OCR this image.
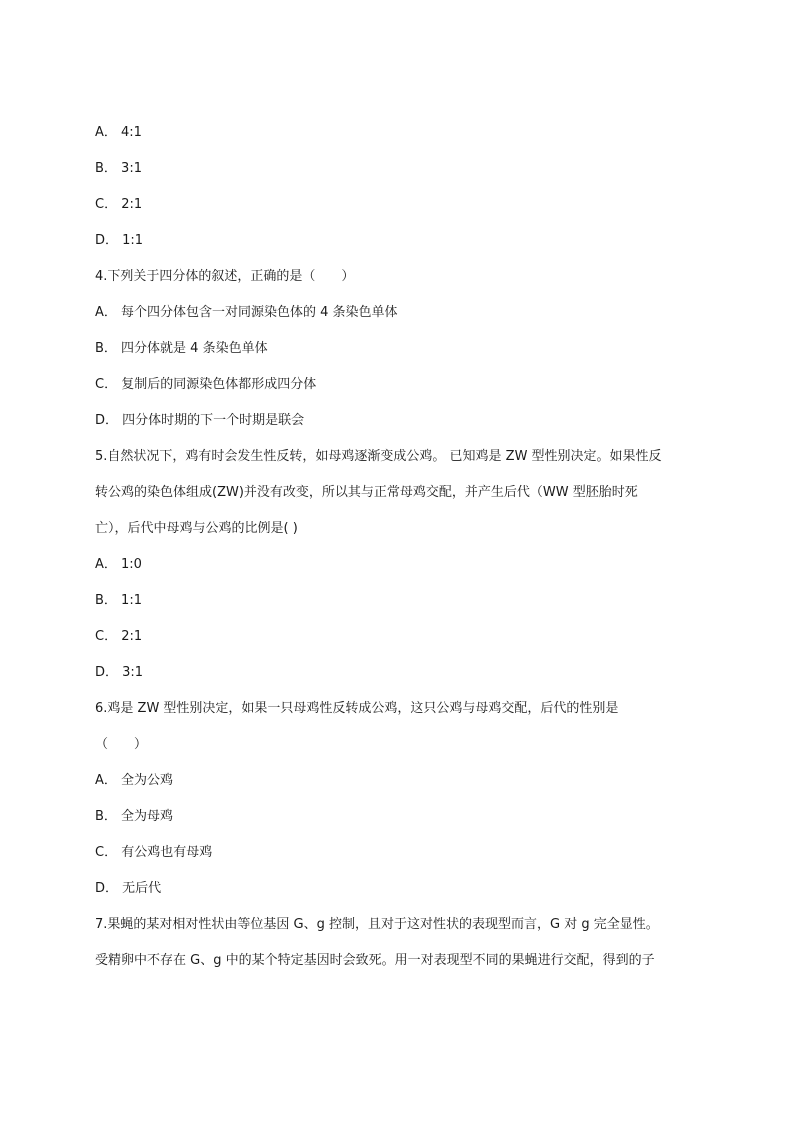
A． 4:1
B． 3:1
C． 2:1
D． 1:1
4.下列关于四分体的叙述，正确的是（　　）
A． 每个四分体包含一对同源染色体的 4 条染色单体
B． 四分体就是 4 条染色单体
C． 复制后的同源染色体都形成四分体
D． 四分体时期的下一个时期是联会
5.自然状况下，鸡有时会发生性反转，如母鸡逐渐变成公鸡。 已知鸡是 ZW 型性别决定。如果性反
转公鸡的染色体组成(ZW)并没有改变，所以其与正常母鸡交配，并产生后代（WW 型胚胎时死
亡），后代中母鸡与公鸡的比例是( )
A． 1:0
B． 1:1
C． 2:1
D． 3:1
6.鸡是 ZW 型性别决定，如果一只母鸡性反转成公鸡，这只公鸡与母鸡交配，后代的性别是
（　　）
A． 全为公鸡
B． 全为母鸡
C． 有公鸡也有母鸡
D． 无后代
7.果蝇的某对相对性状由等位基因 G、g 控制，且对于这对性状的表现型而言，G 对 g 完全显性。
受精卵中不存在 G、g 中的某个特定基因时会致死。用一对表现型不同的果蝇进行交配，得到的子
